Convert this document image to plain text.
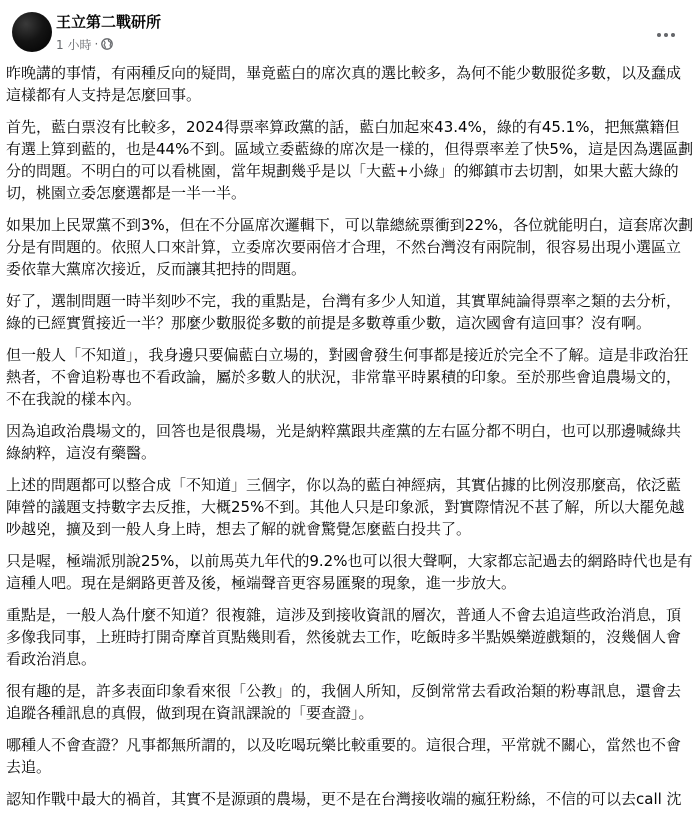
王立第二戰研所
1 小時 ·

昨晚講的事情，有兩種反向的疑問，畢竟藍白的席次真的選比較多，為何不能少數服從多數，以及蠢成這樣都有人支持是怎麼回事。

首先，藍白票沒有比較多，2024得票率算政黨的話，藍白加起來43.4%，綠的有45.1%，把無黨籍但有選上算到藍的，也是44%不到。區域立委藍綠的席次是一樣的，但得票率差了快5%，這是因為選區劃分的問題。不明白的可以看桃園，當年規劃幾乎是以「大藍+小綠」的鄉鎮市去切割，如果大藍大綠的切，桃園立委怎麼選都是一半一半。

如果加上民眾黨不到3%，但在不分區席次邏輯下，可以靠總統票衝到22%，各位就能明白，這套席次劃分是有問題的。依照人口來計算，立委席次要兩倍才合理，不然台灣沒有兩院制，很容易出現小選區立委依靠大黨席次接近，反而讓其把持的問題。

好了，選制問題一時半刻吵不完，我的重點是，台灣有多少人知道，其實單純論得票率之類的去分析，綠的已經實質接近一半？那麼少數服從多數的前提是多數尊重少數，這次國會有這回事？沒有啊。

但一般人「不知道」，我身邊只要偏藍白立場的，對國會發生何事都是接近於完全不了解。這是非政治狂熱者，不會追粉專也不看政論，屬於多數人的狀況，非常靠平時累積的印象。至於那些會追農場文的，不在我說的樣本內。

因為追政治農場文的，回答也是很農場，光是納粹黨跟共產黨的左右區分都不明白，也可以那邊喊綠共綠納粹，這沒有藥醫。

上述的問題都可以整合成「不知道」三個字，你以為的藍白神經病，其實佔據的比例沒那麼高，依泛藍陣營的議題支持數字去反推，大概25%不到。其他人只是印象派，對實際情況不甚了解，所以大罷免越吵越兇，擴及到一般人身上時，想去了解的就會驚覺怎麼藍白投共了。

只是喔，極端派別說25%，以前馬英九年代的9.2%也可以很大聲啊，大家都忘記過去的網路時代也是有這種人吧。現在是網路更普及後，極端聲音更容易匯聚的現象，進一步放大。

重點是，一般人為什麼不知道？很複雜，這涉及到接收資訊的層次，普通人不會去追這些政治消息，頂多像我同事，上班時打開奇摩首頁點幾則看，然後就去工作，吃飯時多半點娛樂遊戲類的，沒幾個人會看政治消息。

很有趣的是，許多表面印象看來很「公教」的，我個人所知，反倒常常去看政治類的粉專訊息，還會去追蹤各種訊息的真假，做到現在資訊課說的「要查證」。

哪種人不會查證？凡事都無所謂的，以及吃喝玩樂比較重要的。這很合理，平常就不關心，當然也不會去追。

認知作戰中最大的禍首，其實不是源頭的農場，更不是在台灣接收端的瘋狂粉絲，不信的可以去call 沈
